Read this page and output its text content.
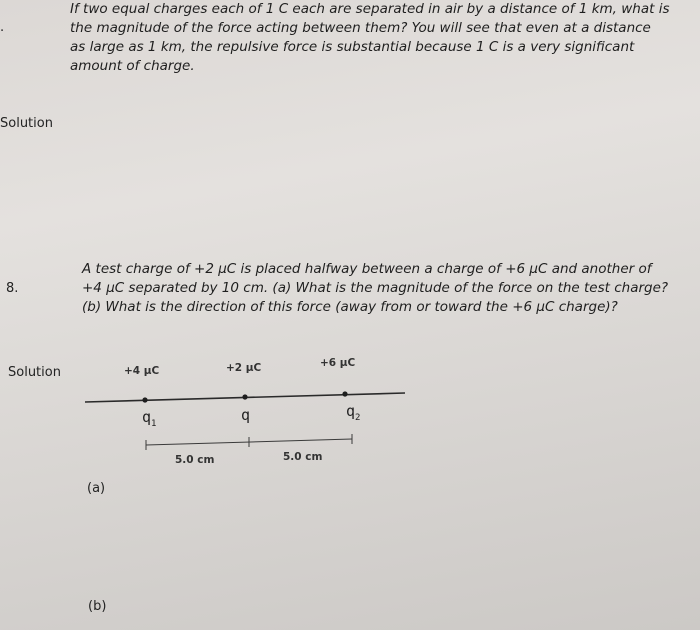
.
If two equal charges each of 1 C each are separated in air by a distance of 1 km, what is
the magnitude of the force acting between them? You will see that even at a distance
as large as 1 km, the repulsive force is substantial because 1 C is a very significant
amount of charge.
Solution
8.
A test charge of +2 µC is placed halfway between a charge of +6 µC and another of
+4 µC separated by 10 cm. (a) What is the magnitude of the force on the test charge?
(b) What is the direction of this force (away from or toward the +6 µC charge)?
Solution	+4 µC	+2 µC	+6 µC
$q_1$	q	$q_2$
5.0 cm	5.0 cm
(a)
(b)
